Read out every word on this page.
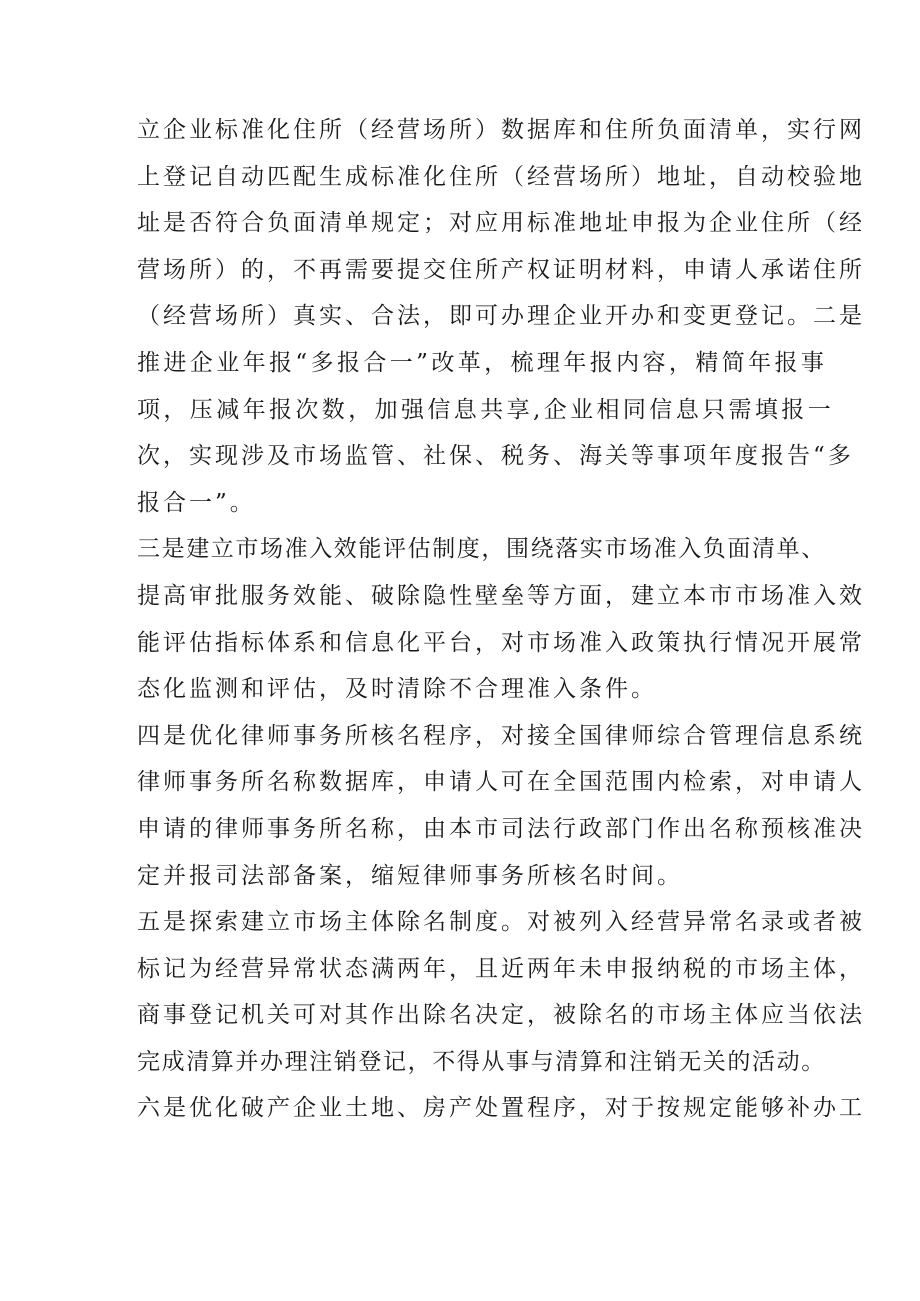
立企业标准化住所（经营场所）数据库和住所负面清单，实行网
上登记自动匹配生成标准化住所（经营场所）地址，自动校验地
址是否符合负面清单规定；对应用标准地址申报为企业住所（经
营场所）的，不再需要提交住所产权证明材料，申请人承诺住所
（经营场所）真实、合法，即可办理企业开办和变更登记。二是
推进企业年报“多报合一”改革，梳理年报内容，精简年报事
项，压减年报次数，加强信息共享,企业相同信息只需填报一
次，实现涉及市场监管、社保、税务、海关等事项年度报告“多
报合一”。
三是建立市场准入效能评估制度，围绕落实市场准入负面清单、
提高审批服务效能、破除隐性壁垒等方面，建立本市市场准入效
能评估指标体系和信息化平台，对市场准入政策执行情况开展常
态化监测和评估，及时清除不合理准入条件。
四是优化律师事务所核名程序，对接全国律师综合管理信息系统
律师事务所名称数据库，申请人可在全国范围内检索，对申请人
申请的律师事务所名称，由本市司法行政部门作出名称预核准决
定并报司法部备案，缩短律师事务所核名时间。
五是探索建立市场主体除名制度。对被列入经营异常名录或者被
标记为经营异常状态满两年，且近两年未申报纳税的市场主体，
商事登记机关可对其作出除名决定，被除名的市场主体应当依法
完成清算并办理注销登记，不得从事与清算和注销无关的活动。
六是优化破产企业土地、房产处置程序，对于按规定能够补办工
